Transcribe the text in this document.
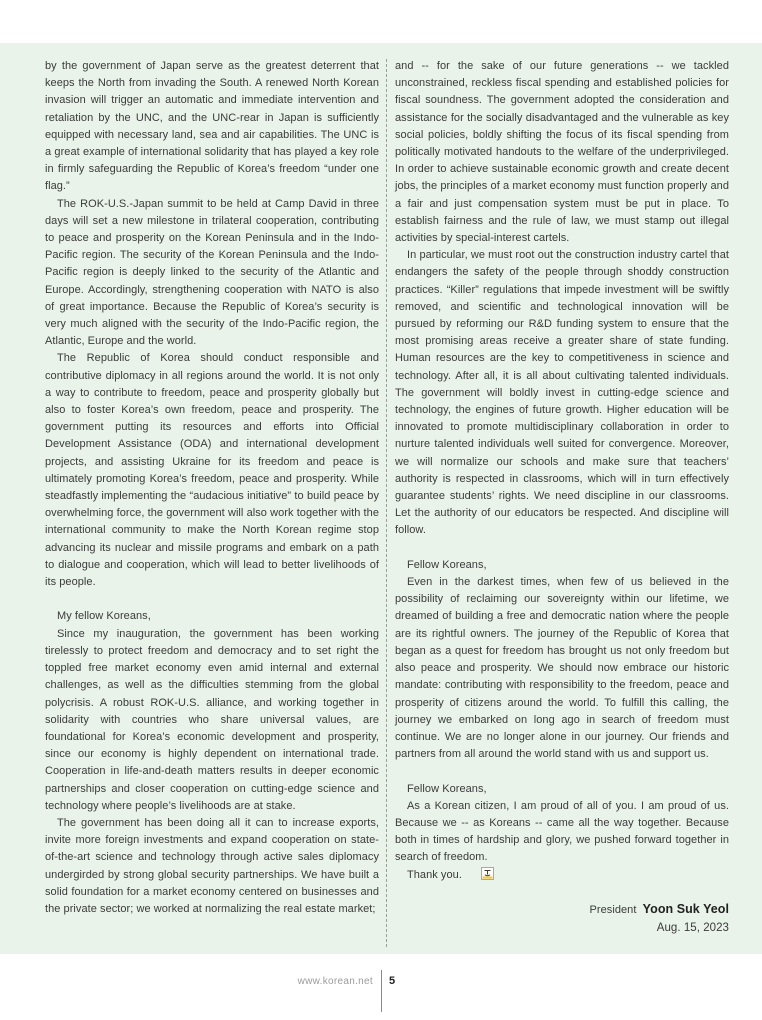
by the government of Japan serve as the greatest deterrent that keeps the North from invading the South. A renewed North Korean invasion will trigger an automatic and immediate intervention and retaliation by the UNC, and the UNC-rear in Japan is sufficiently equipped with necessary land, sea and air capabilities. The UNC is a great example of international solidarity that has played a key role in firmly safeguarding the Republic of Korea’s freedom “under one flag.”

The ROK-U.S.-Japan summit to be held at Camp David in three days will set a new milestone in trilateral cooperation, contributing to peace and prosperity on the Korean Peninsula and in the Indo-Pacific region. The security of the Korean Peninsula and the Indo-Pacific region is deeply linked to the security of the Atlantic and Europe. Accordingly, strengthening cooperation with NATO is also of great importance. Because the Republic of Korea’s security is very much aligned with the security of the Indo-Pacific region, the Atlantic, Europe and the world.

The Republic of Korea should conduct responsible and contributive diplomacy in all regions around the world. It is not only a way to contribute to freedom, peace and prosperity globally but also to foster Korea’s own freedom, peace and prosperity. The government putting its resources and efforts into Official Development Assistance (ODA) and international development projects, and assisting Ukraine for its freedom and peace is ultimately promoting Korea’s freedom, peace and prosperity. While steadfastly implementing the “audacious initiative” to build peace by overwhelming force, the government will also work together with the international community to make the North Korean regime stop advancing its nuclear and missile programs and embark on a path to dialogue and cooperation, which will lead to better livelihoods of its people.

My fellow Koreans,

Since my inauguration, the government has been working tirelessly to protect freedom and democracy and to set right the toppled free market economy even amid internal and external challenges, as well as the difficulties stemming from the global polycrisis. A robust ROK-U.S. alliance, and working together in solidarity with countries who share universal values, are foundational for Korea’s economic development and prosperity, since our economy is highly dependent on international trade. Cooperation in life-and-death matters results in deeper economic partnerships and closer cooperation on cutting-edge science and technology where people’s livelihoods are at stake.

The government has been doing all it can to increase exports, invite more foreign investments and expand cooperation on state-of-the-art science and technology through active sales diplomacy undergirded by strong global security partnerships. We have built a solid foundation for a market economy centered on businesses and the private sector; we worked at normalizing the real estate market;

and -- for the sake of our future generations -- we tackled unconstrained, reckless fiscal spending and established policies for fiscal soundness. The government adopted the consideration and assistance for the socially disadvantaged and the vulnerable as key social policies, boldly shifting the focus of its fiscal spending from politically motivated handouts to the welfare of the underprivileged. In order to achieve sustainable economic growth and create decent jobs, the principles of a market economy must function properly and a fair and just compensation system must be put in place. To establish fairness and the rule of law, we must stamp out illegal activities by special-interest cartels.

In particular, we must root out the construction industry cartel that endangers the safety of the people through shoddy construction practices. “Killer” regulations that impede investment will be swiftly removed, and scientific and technological innovation will be pursued by reforming our R&D funding system to ensure that the most promising areas receive a greater share of state funding. Human resources are the key to competitiveness in science and technology. After all, it is all about cultivating talented individuals. The government will boldly invest in cutting-edge science and technology, the engines of future growth. Higher education will be innovated to promote multidisciplinary collaboration in order to nurture talented individuals well suited for convergence. Moreover, we will normalize our schools and make sure that teachers’ authority is respected in classrooms, which will in turn effectively guarantee students’ rights. We need discipline in our classrooms. Let the authority of our educators be respected. And discipline will follow.

Fellow Koreans,

Even in the darkest times, when few of us believed in the possibility of reclaiming our sovereignty within our lifetime, we dreamed of building a free and democratic nation where the people are its rightful owners. The journey of the Republic of Korea that began as a quest for freedom has brought us not only freedom but also peace and prosperity. We should now embrace our historic mandate: contributing with responsibility to the freedom, peace and prosperity of citizens around the world. To fulfill this calling, the journey we embarked on long ago in search of freedom must continue. We are no longer alone in our journey. Our friends and partners from all around the world stand with us and support us.

Fellow Koreans,

As a Korean citizen, I am proud of all of you. I am proud of us. Because we -- as Koreans -- came all the way together. Because both in times of hardship and glory, we pushed forward together in search of freedom.

Thank you.

President Yoon Suk Yeol
Aug. 15, 2023
www.korean.net 5
